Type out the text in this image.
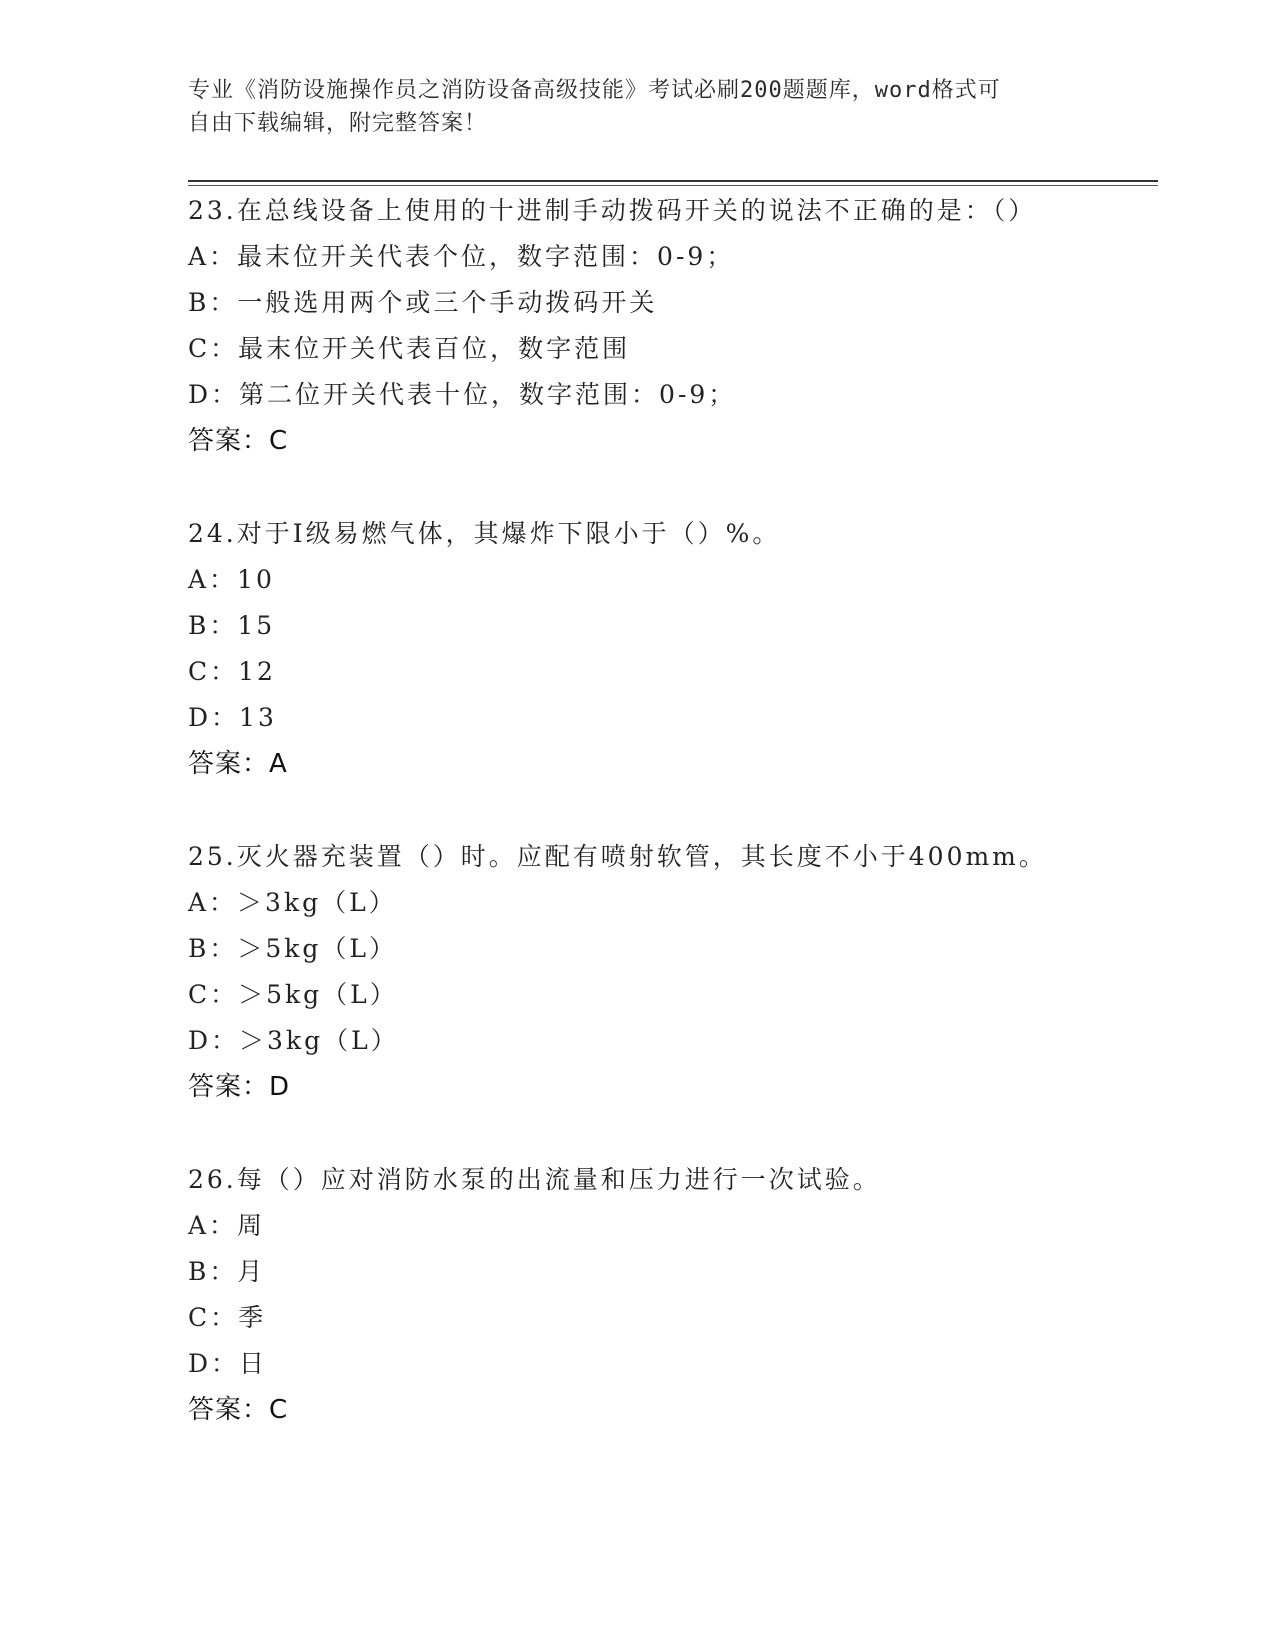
专业《消防设施操作员之消防设备高级技能》考试必刷200题题库，word格式可
自由下载编辑，附完整答案！
23.在总线设备上使用的十进制手动拨码开关的说法不正确的是：（）
A：最末位开关代表个位，数字范围：0-9；
B：一般选用两个或三个手动拨码开关
C：最末位开关代表百位，数字范围
D：第二位开关代表十位，数字范围：0-9；
答案：C
24.对于Ⅰ级易燃气体，其爆炸下限小于（）%。
A：10
B：15
C：12
D：13
答案：A
25.灭火器充装置（）时。应配有喷射软管，其长度不小于400mm。
A：＞3kg（L）
B：＞5kg（L）
C：＞5kg（L）
D：＞3kg（L）
答案：D
26.每（）应对消防水泵的出流量和压力进行一次试验。
A：周
B：月
C：季
D：日
答案：C
